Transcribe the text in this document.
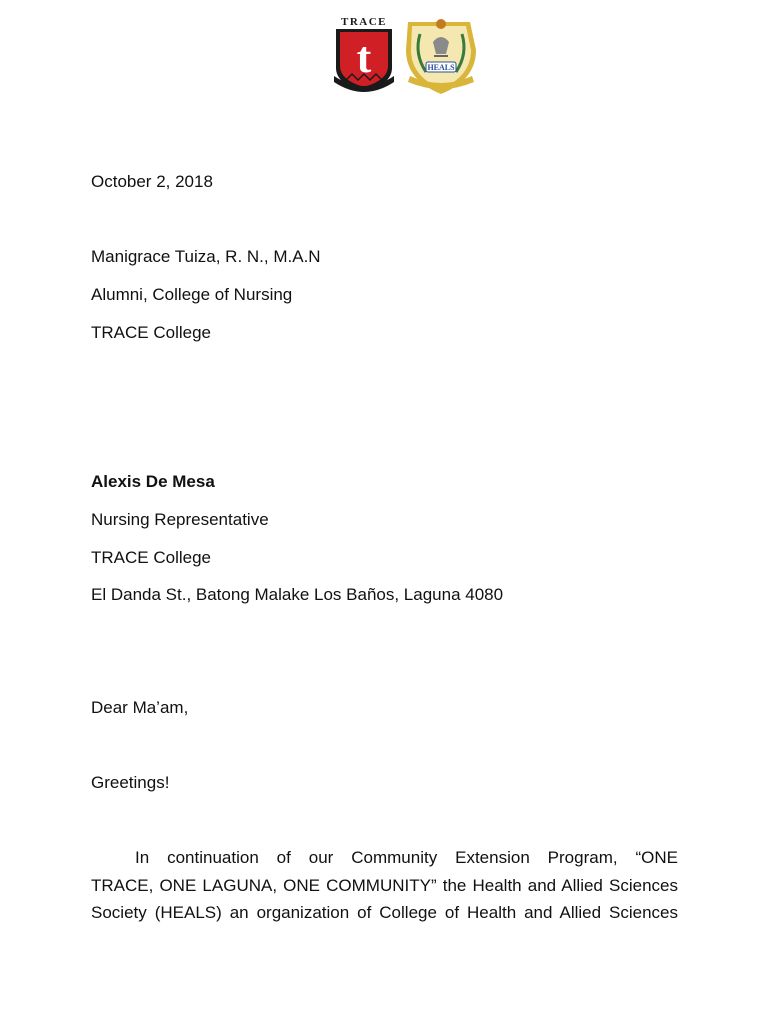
TRACE
t	HEALS
October 2, 2018
Manigrace Tuiza, R. N., M.A.N
Alumni, College of Nursing
TRACE College
Alexis De Mesa
Nursing Representative
TRACE College
El Danda St., Batong Malake Los Baños, Laguna 4080
Dear Ma’am,
Greetings!
In continuation of our Community Extension Program, “ONE
TRACE, ONE LAGUNA, ONE COMMUNITY” the Health and Allied Sciences
Society (HEALS) an organization of College of Health and Allied Sciences
